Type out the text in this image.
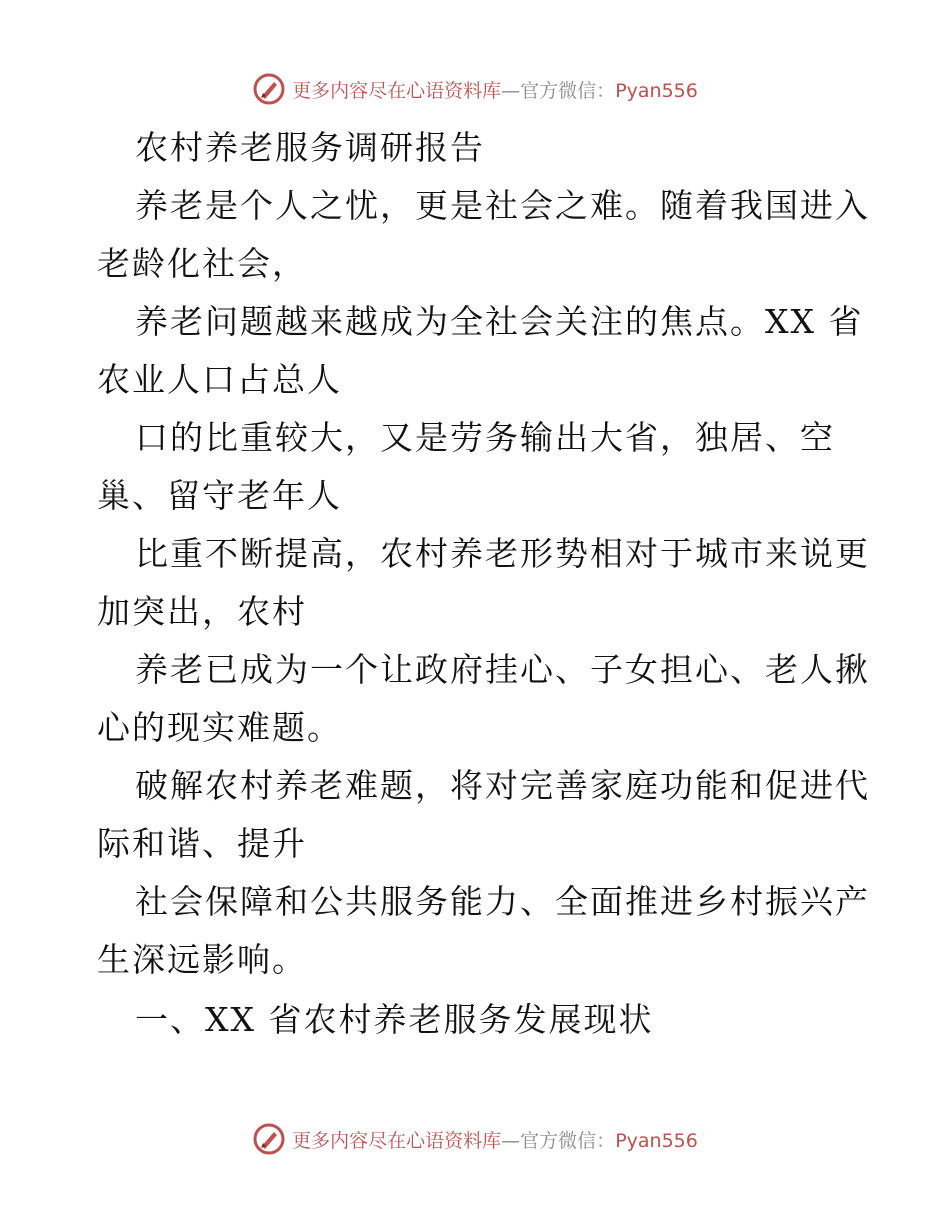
更多内容尽在心语资料库—官方微信：Pyan556
农村养老服务调研报告
养老是个人之忧，更是社会之难。随着我国进入
老龄化社会，
养老问题越来越成为全社会关注的焦点。XX 省
农业人口占总人
口的比重较大，又是劳务输出大省，独居、空
巢、留守老年人
比重不断提高，农村养老形势相对于城市来说更
加突出，农村
养老已成为一个让政府挂心、子女担心、老人揪
心的现实难题。
破解农村养老难题，将对完善家庭功能和促进代
际和谐、提升
社会保障和公共服务能力、全面推进乡村振兴产
生深远影响。
一、XX 省农村养老服务发展现状
更多内容尽在心语资料库—官方微信：Pyan556
